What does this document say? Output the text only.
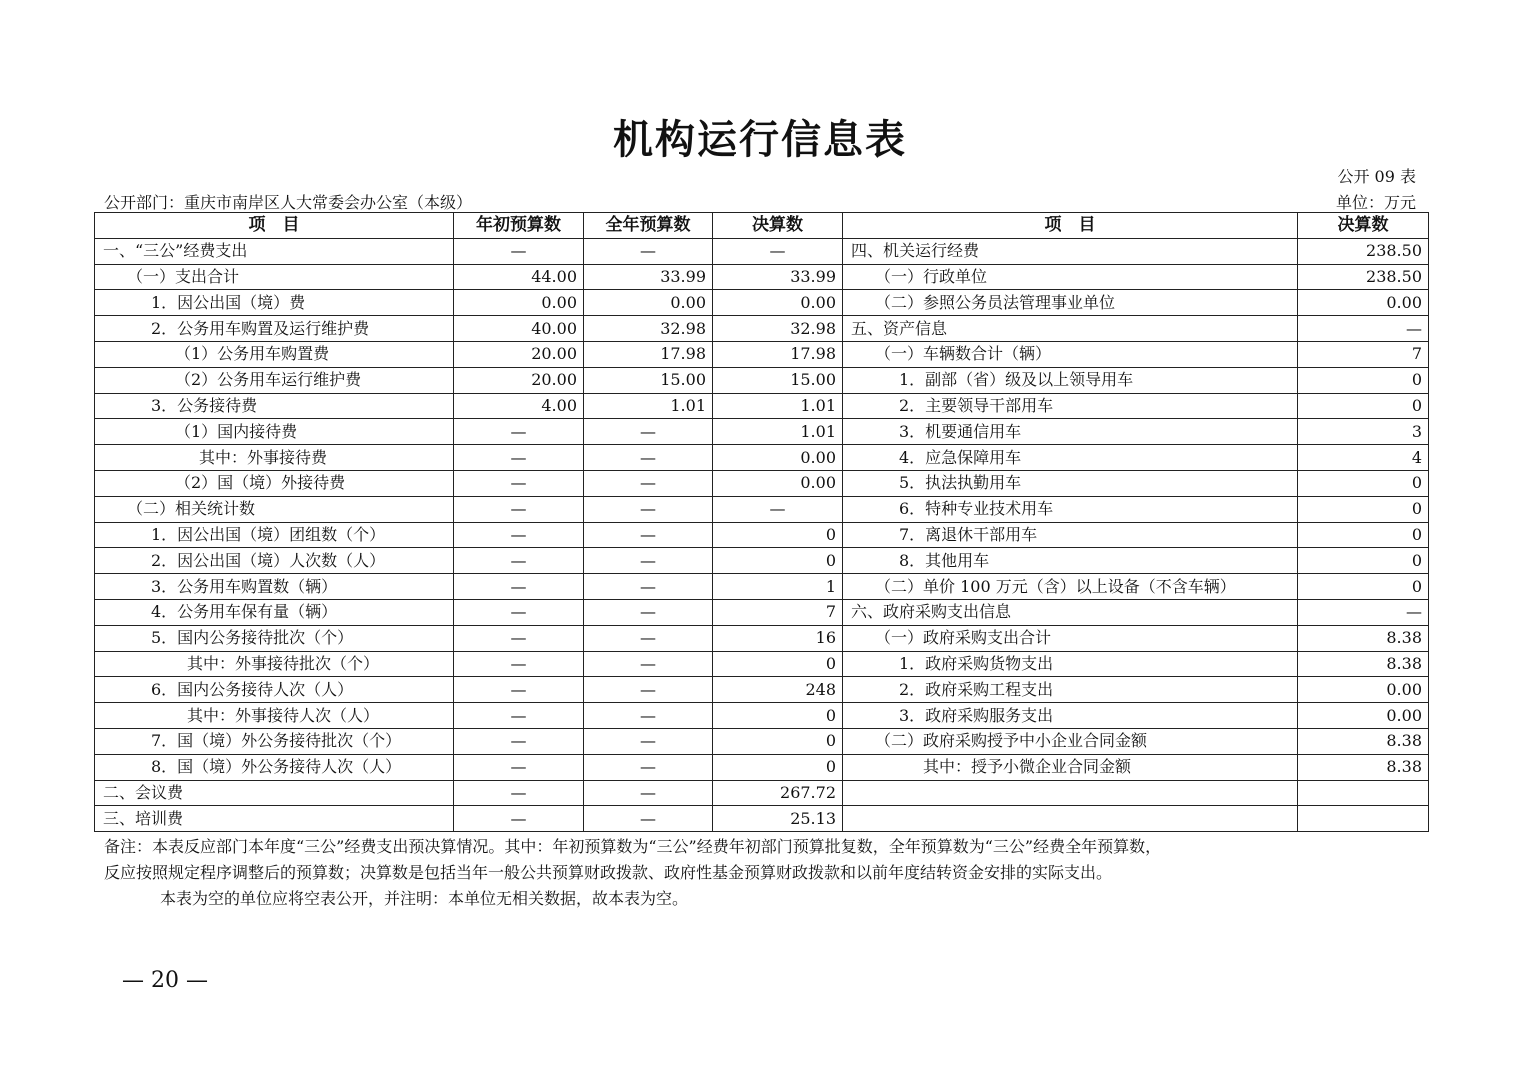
机构运行信息表
公开 09 表
公开部门：重庆市南岸区人大常委会办公室（本级）	单位：万元
项　目	年初预算数	全年预算数	决算数	项　目	决算数
一、“三公”经费支出	—	—	—	四、机关运行经费	238.50
（一）支出合计	44.00	33.99	33.99	（一）行政单位	238.50
1．因公出国（境）费	0.00	0.00	0.00	（二）参照公务员法管理事业单位	0.00
2．公务用车购置及运行维护费	40.00	32.98	32.98	五、资产信息	—
（1）公务用车购置费	20.00	17.98	17.98	（一）车辆数合计（辆）	7
（2）公务用车运行维护费	20.00	15.00	15.00	1．副部（省）级及以上领导用车	0
3．公务接待费	4.00	1.01	1.01	2．主要领导干部用车	0
（1）国内接待费	—	—	1.01	3．机要通信用车	3
其中：外事接待费	—	—	0.00	4．应急保障用车	4
（2）国（境）外接待费	—	—	0.00	5．执法执勤用车	0
（二）相关统计数	—	—	—	6．特种专业技术用车	0
1．因公出国（境）团组数（个）	—	—	0	7．离退休干部用车	0
2．因公出国（境）人次数（人）	—	—	0	8．其他用车	0
3．公务用车购置数（辆）	—	—	1	（二）单价 100 万元（含）以上设备（不含车辆）	0
4．公务用车保有量（辆）	—	—	7	六、政府采购支出信息	—
5．国内公务接待批次（个）	—	—	16	（一）政府采购支出合计	8.38
其中：外事接待批次（个）	—	—	0	1．政府采购货物支出	8.38
6．国内公务接待人次（人）	—	—	248	2．政府采购工程支出	0.00
其中：外事接待人次（人）	—	—	0	3．政府采购服务支出	0.00
7．国（境）外公务接待批次（个）	—	—	0	（二）政府采购授予中小企业合同金额	8.38
8．国（境）外公务接待人次（人）	—	—	0	其中：授予小微企业合同金额	8.38
二、会议费	—	—	267.72		
三、培训费	—	—	25.13		

备注：本表反应部门本年度“三公”经费支出预决算情况。其中：年初预算数为“三公”经费年初部门预算批复数，全年预算数为“三公”经费全年预算数，

反应按照规定程序调整后的预算数；决算数是包括当年一般公共预算财政拨款、政府性基金预算财政拨款和以前年度结转资金安排的实际支出。

本表为空的单位应将空表公开，并注明：本单位无相关数据，故本表为空。

— 20 —
